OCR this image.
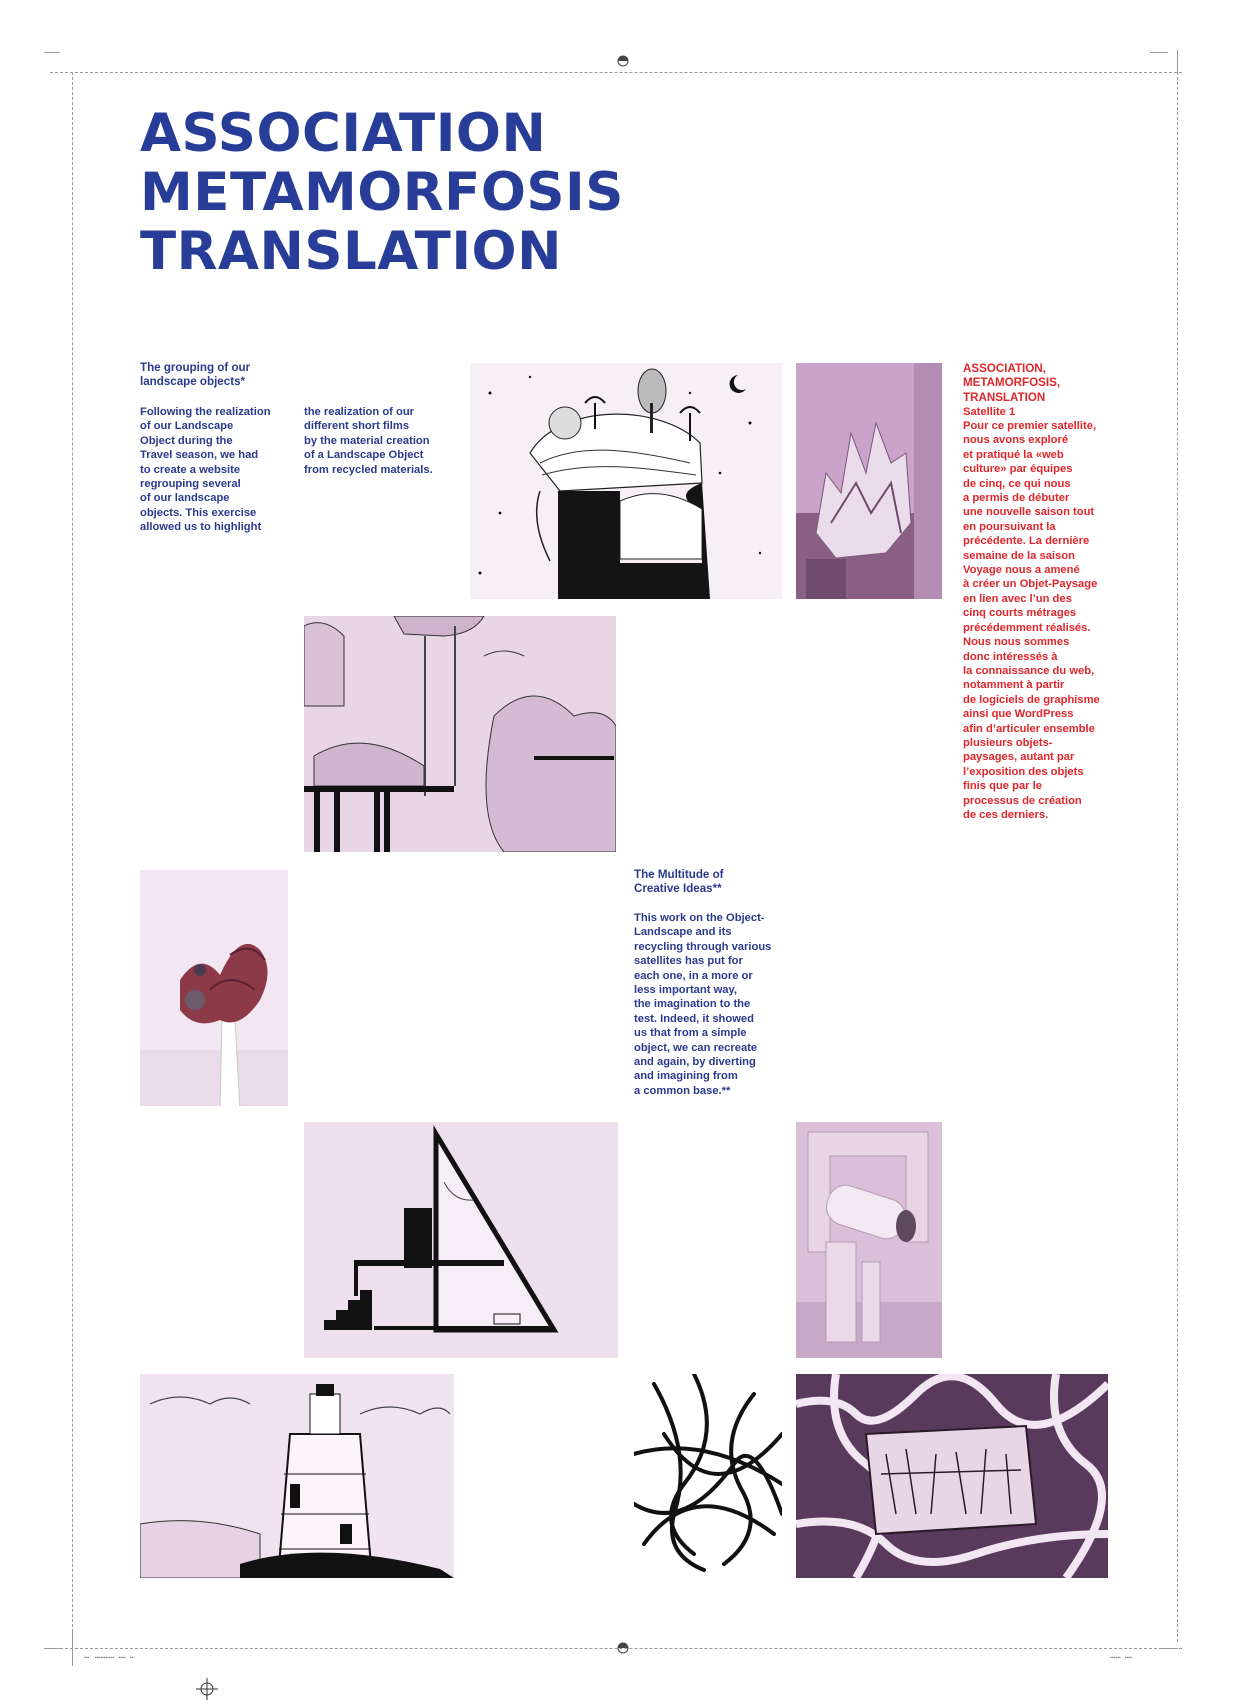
▪▪▪    ▪▪▪▪▪▪▪▪▪▪▪   ▪▪▪▪   ▪▪	▪▪▪▪▪▪   ▪▪▪▪
ASSOCIATION
METAMORFOSIS
TRANSLATION

The grouping of our
landscape objects*

Following the realization
of our Landscape
Object during the
Travel season, we had
to create a website
regrouping several
of our landscape
objects. This exercise
allowed us to highlight

the realization of our
different short films
by the material creation
of a Landscape Object
from recycled materials.

ASSOCIATION,
METAMORFOSIS,
TRANSLATION

Satellite 1

Pour ce premier satellite,
nous avons exploré
et pratiqué la «web
culture» par équipes
de cinq, ce qui nous
a permis de débuter
une nouvelle saison tout
en poursuivant la
précédente. La dernière
semaine de la saison
Voyage nous a amené
à créer un Objet-Paysage
en lien avec l’un des
cinq courts métrages
précédemment réalisés.
Nous nous sommes
donc intéressés à
la connaissance du web,
notamment à partir
de logiciels de graphisme
ainsi que WordPress
afin d’articuler ensemble
plusieurs objets-
paysages, autant par
l’exposition des objets
finis que par le
processus de création
de ces derniers.

The Multitude of
Creative Ideas**

This work on the Object-
Landscape and its
recycling through various
satellites has put for
each one, in a more or
less important way,
the imagination to the
test. Indeed, it showed
us that from a simple
object, we can recreate
and again, by diverting
and imagining from
a common base.**
